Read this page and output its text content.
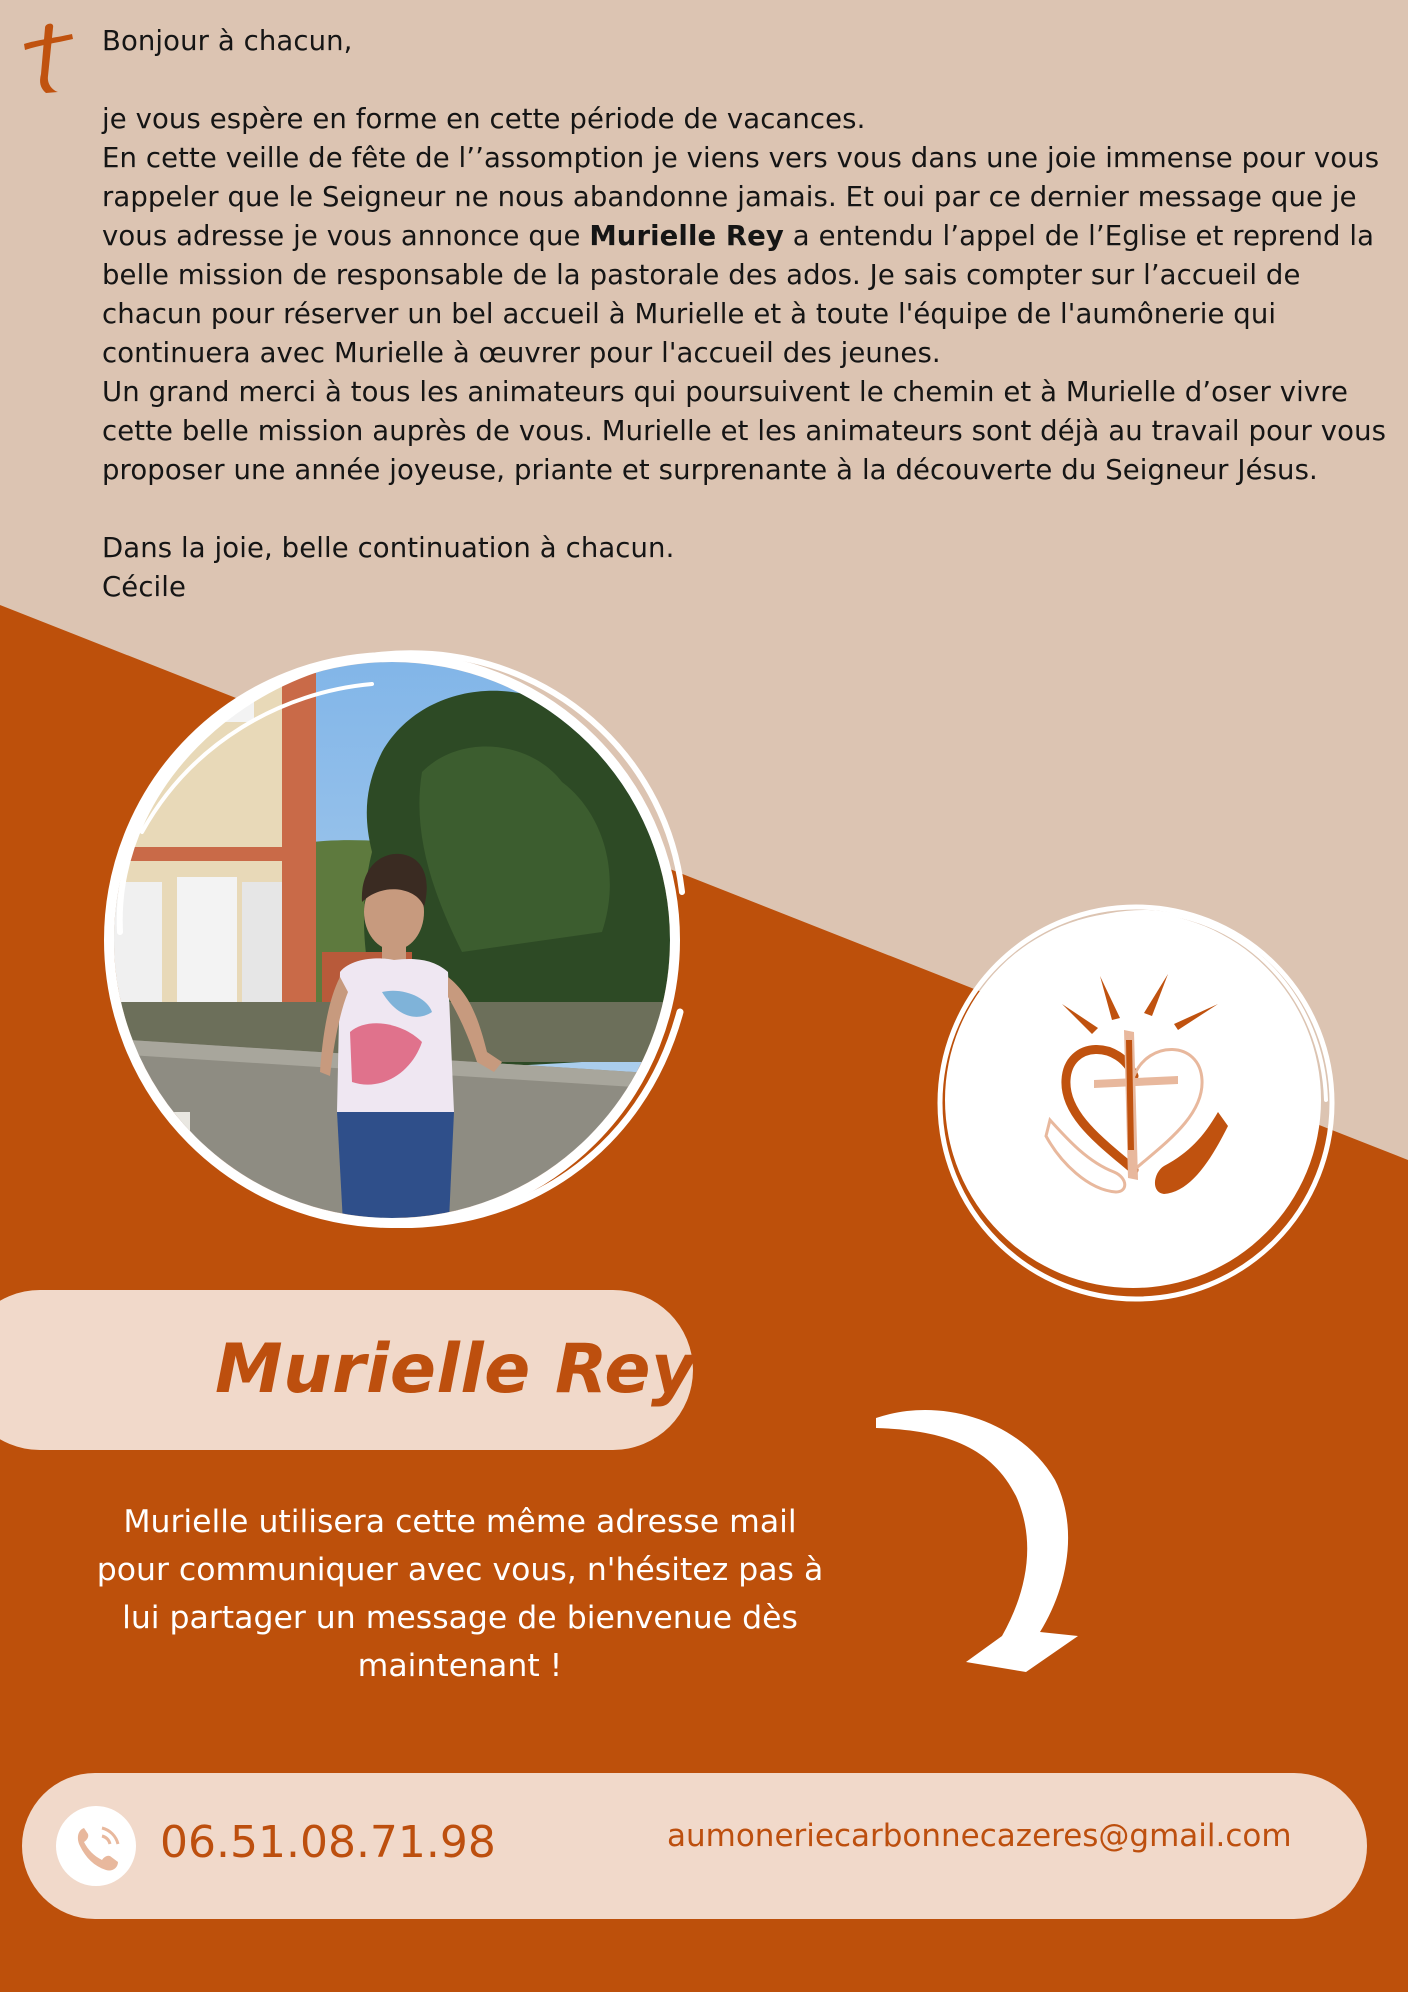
Bonjour à chacun,

je vous espère en forme en cette période de vacances.

En cette veille de fête de l’’assomption je viens vers vous dans une joie immense pour vous rappeler que le Seigneur ne nous abandonne jamais. Et oui par ce dernier message que je vous adresse je vous annonce que Murielle Rey a entendu l’appel de l’Eglise et reprend la belle mission de responsable de la pastorale des ados. Je sais compter sur l’accueil de chacun pour réserver un bel accueil à Murielle et à toute l'équipe de l'aumônerie qui continuera avec Murielle à œuvrer pour l'accueil des jeunes.

Un grand merci à tous les animateurs qui poursuivent le chemin et à Murielle d’oser vivre cette belle mission auprès de vous. Murielle et les animateurs sont déjà au travail pour vous proposer une année joyeuse, priante et surprenante à la découverte du Seigneur Jésus.

Dans la joie, belle continuation à chacun.

Cécile

Murielle Rey
Murielle utilisera cette même adresse mail pour communiquer avec vous, n'hésitez pas à lui partager un message de bienvenue dès maintenant !
06.51.08.71.98	aumoneriecarbonnecazeres@gmail.com
